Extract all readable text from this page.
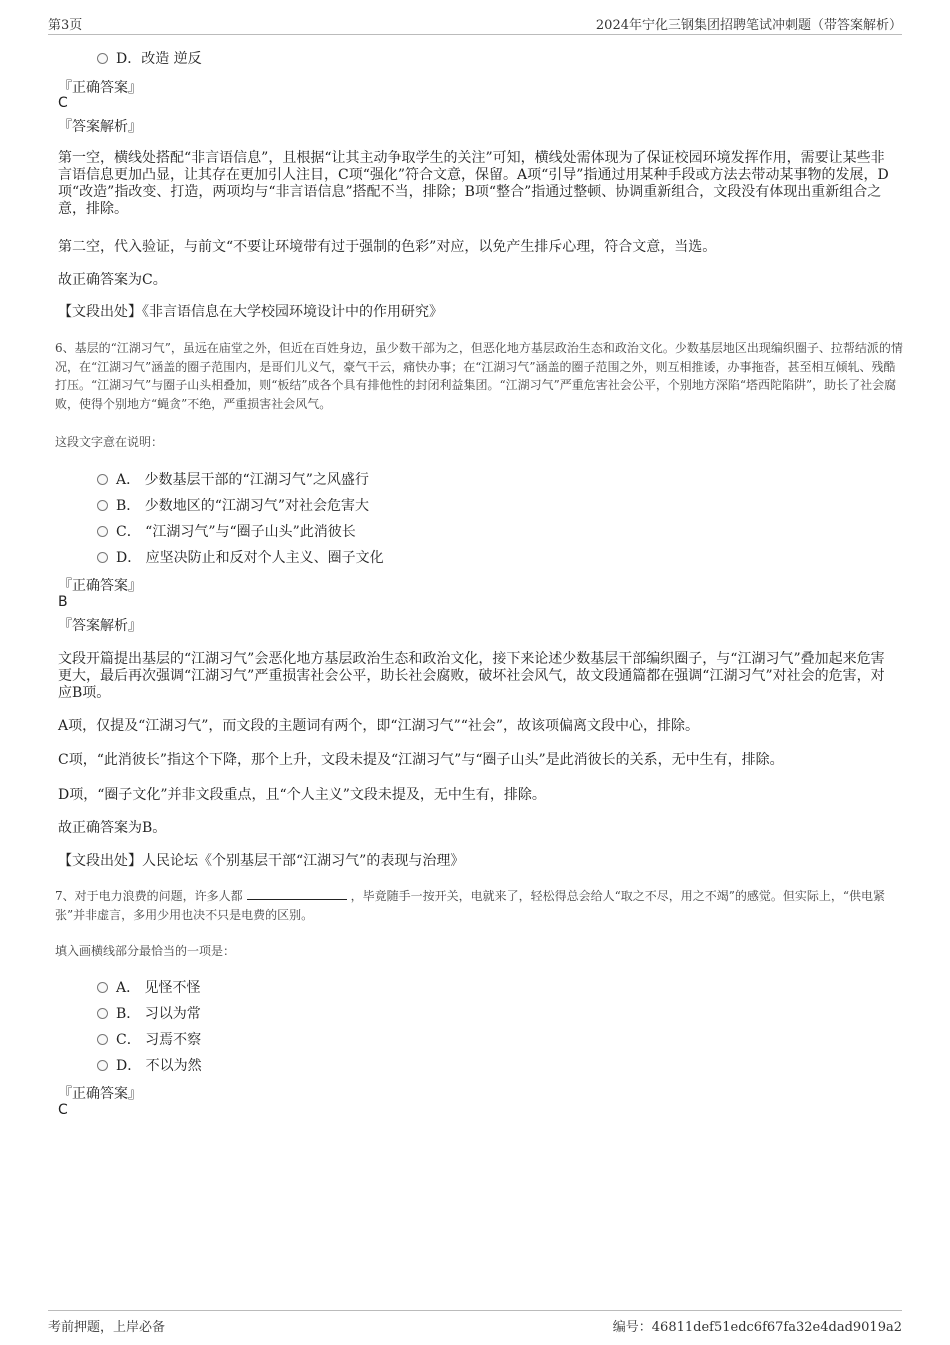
第3页	2024年宁化三钢集团招聘笔试冲刺题（带答案解析）
D．改造 逆反
『正确答案』
C
『答案解析』
第一空，横线处搭配“非言语信息”，且根据“让其主动争取学生的关注”可知，横线处需体现为了保证校园环境发挥作用，需要让某些非言语信息更加凸显，让其存在更加引人注目，C项“强化”符合文意，保留。A项“引导”指通过用某种手段或方法去带动某事物的发展，D项“改造”指改变、打造，两项均与“非言语信息”搭配不当，排除；B项“整合”指通过整顿、协调重新组合，文段没有体现出重新组合之意，排除。
第二空，代入验证，与前文“不要让环境带有过于强制的色彩”对应，以免产生排斥心理，符合文意，当选。
故正确答案为C。
【文段出处】《非言语信息在大学校园环境设计中的作用研究》
6、基层的“江湖习气”，虽远在庙堂之外，但近在百姓身边，虽少数干部为之，但恶化地方基层政治生态和政治文化。少数基层地区出现编织圈子、拉帮结派的情况，在“江湖习气”涵盖的圈子范围内，是哥们儿义气，豪气干云，痛快办事；在“江湖习气”涵盖的圈子范围之外，则互相推诿，办事拖沓，甚至相互倾轧、残酷打压。“江湖习气”与圈子山头相叠加，则“板结”成各个具有排他性的封闭利益集团。“江湖习气”严重危害社会公平，个别地方深陷“塔西陀陷阱”，助长了社会腐败，使得个别地方“蝇贪”不绝，严重损害社会风气。
这段文字意在说明：
A． 少数基层干部的“江湖习气”之风盛行
B． 少数地区的“江湖习气”对社会危害大
C． “江湖习气”与“圈子山头”此消彼长
D． 应坚决防止和反对个人主义、圈子文化
『正确答案』
B
『答案解析』
文段开篇提出基层的“江湖习气”会恶化地方基层政治生态和政治文化，接下来论述少数基层干部编织圈子，与“江湖习气”叠加起来危害更大，最后再次强调“江湖习气”严重损害社会公平，助长社会腐败，破坏社会风气，故文段通篇都在强调“江湖习气”对社会的危害，对应B项。
A项，仅提及“江湖习气”，而文段的主题词有两个，即“江湖习气”“社会”，故该项偏离文段中心，排除。
C项，“此消彼长”指这个下降，那个上升，文段未提及“江湖习气”与“圈子山头”是此消彼长的关系，无中生有，排除。
D项，“圈子文化”并非文段重点，且“个人主义”文段未提及，无中生有，排除。
故正确答案为B。
【文段出处】人民论坛《个别基层干部“江湖习气”的表现与治理》
7、对于电力浪费的问题，许多人都	，毕竟随手一按开关，电就来了，轻松得总会给人“取之不尽，用之不竭”的感觉。但实际上，“供电紧张”并非虚言，多用少用也决不只是电费的区别。
填入画横线部分最恰当的一项是：
A． 见怪不怪
B． 习以为常
C． 习焉不察
D． 不以为然
『正确答案』
C
考前押题，上岸必备	编号：46811def51edc6f67fa32e4dad9019a2
